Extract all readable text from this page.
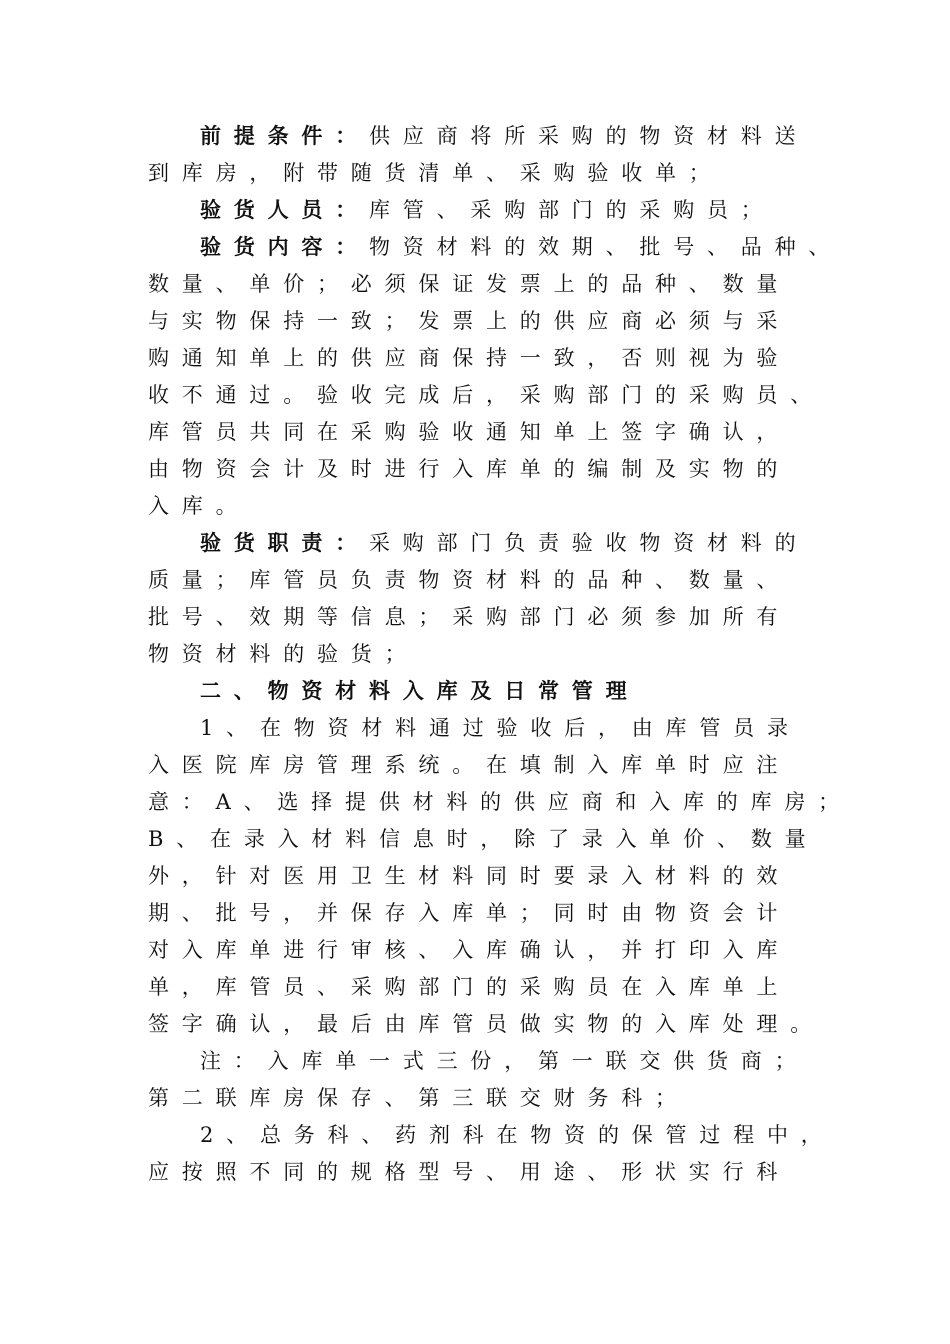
前提条件：供应商将所采购的物资材料送
到库房，附带随货清单、采购验收单；
验货人员：库管、采购部门的采购员；
验货内容：物资材料的效期、批号、品种、
数量、单价；必须保证发票上的品种、数量
与实物保持一致；发票上的供应商必须与采
购通知单上的供应商保持一致，否则视为验
收不通过。验收完成后，采购部门的采购员、
库管员共同在采购验收通知单上签字确认，
由物资会计及时进行入库单的编制及实物的
入库。
验货职责：采购部门负责验收物资材料的
质量；库管员负责物资材料的品种、数量、
批号、效期等信息；采购部门必须参加所有
物资材料的验货；
二、物资材料入库及日常管理
1、在物资材料通过验收后，由库管员录
入医院库房管理系统。在填制入库单时应注
意：A、选择提供材料的供应商和入库的库房；
B、在录入材料信息时，除了录入单价、数量
外，针对医用卫生材料同时要录入材料的效
期、批号，并保存入库单；同时由物资会计
对入库单进行审核、入库确认，并打印入库
单，库管员、采购部门的采购员在入库单上
签字确认，最后由库管员做实物的入库处理。
注：入库单一式三份，第一联交供货商；
第二联库房保存、第三联交财务科；
2、总务科、药剂科在物资的保管过程中，
应按照不同的规格型号、用途、形状实行科
